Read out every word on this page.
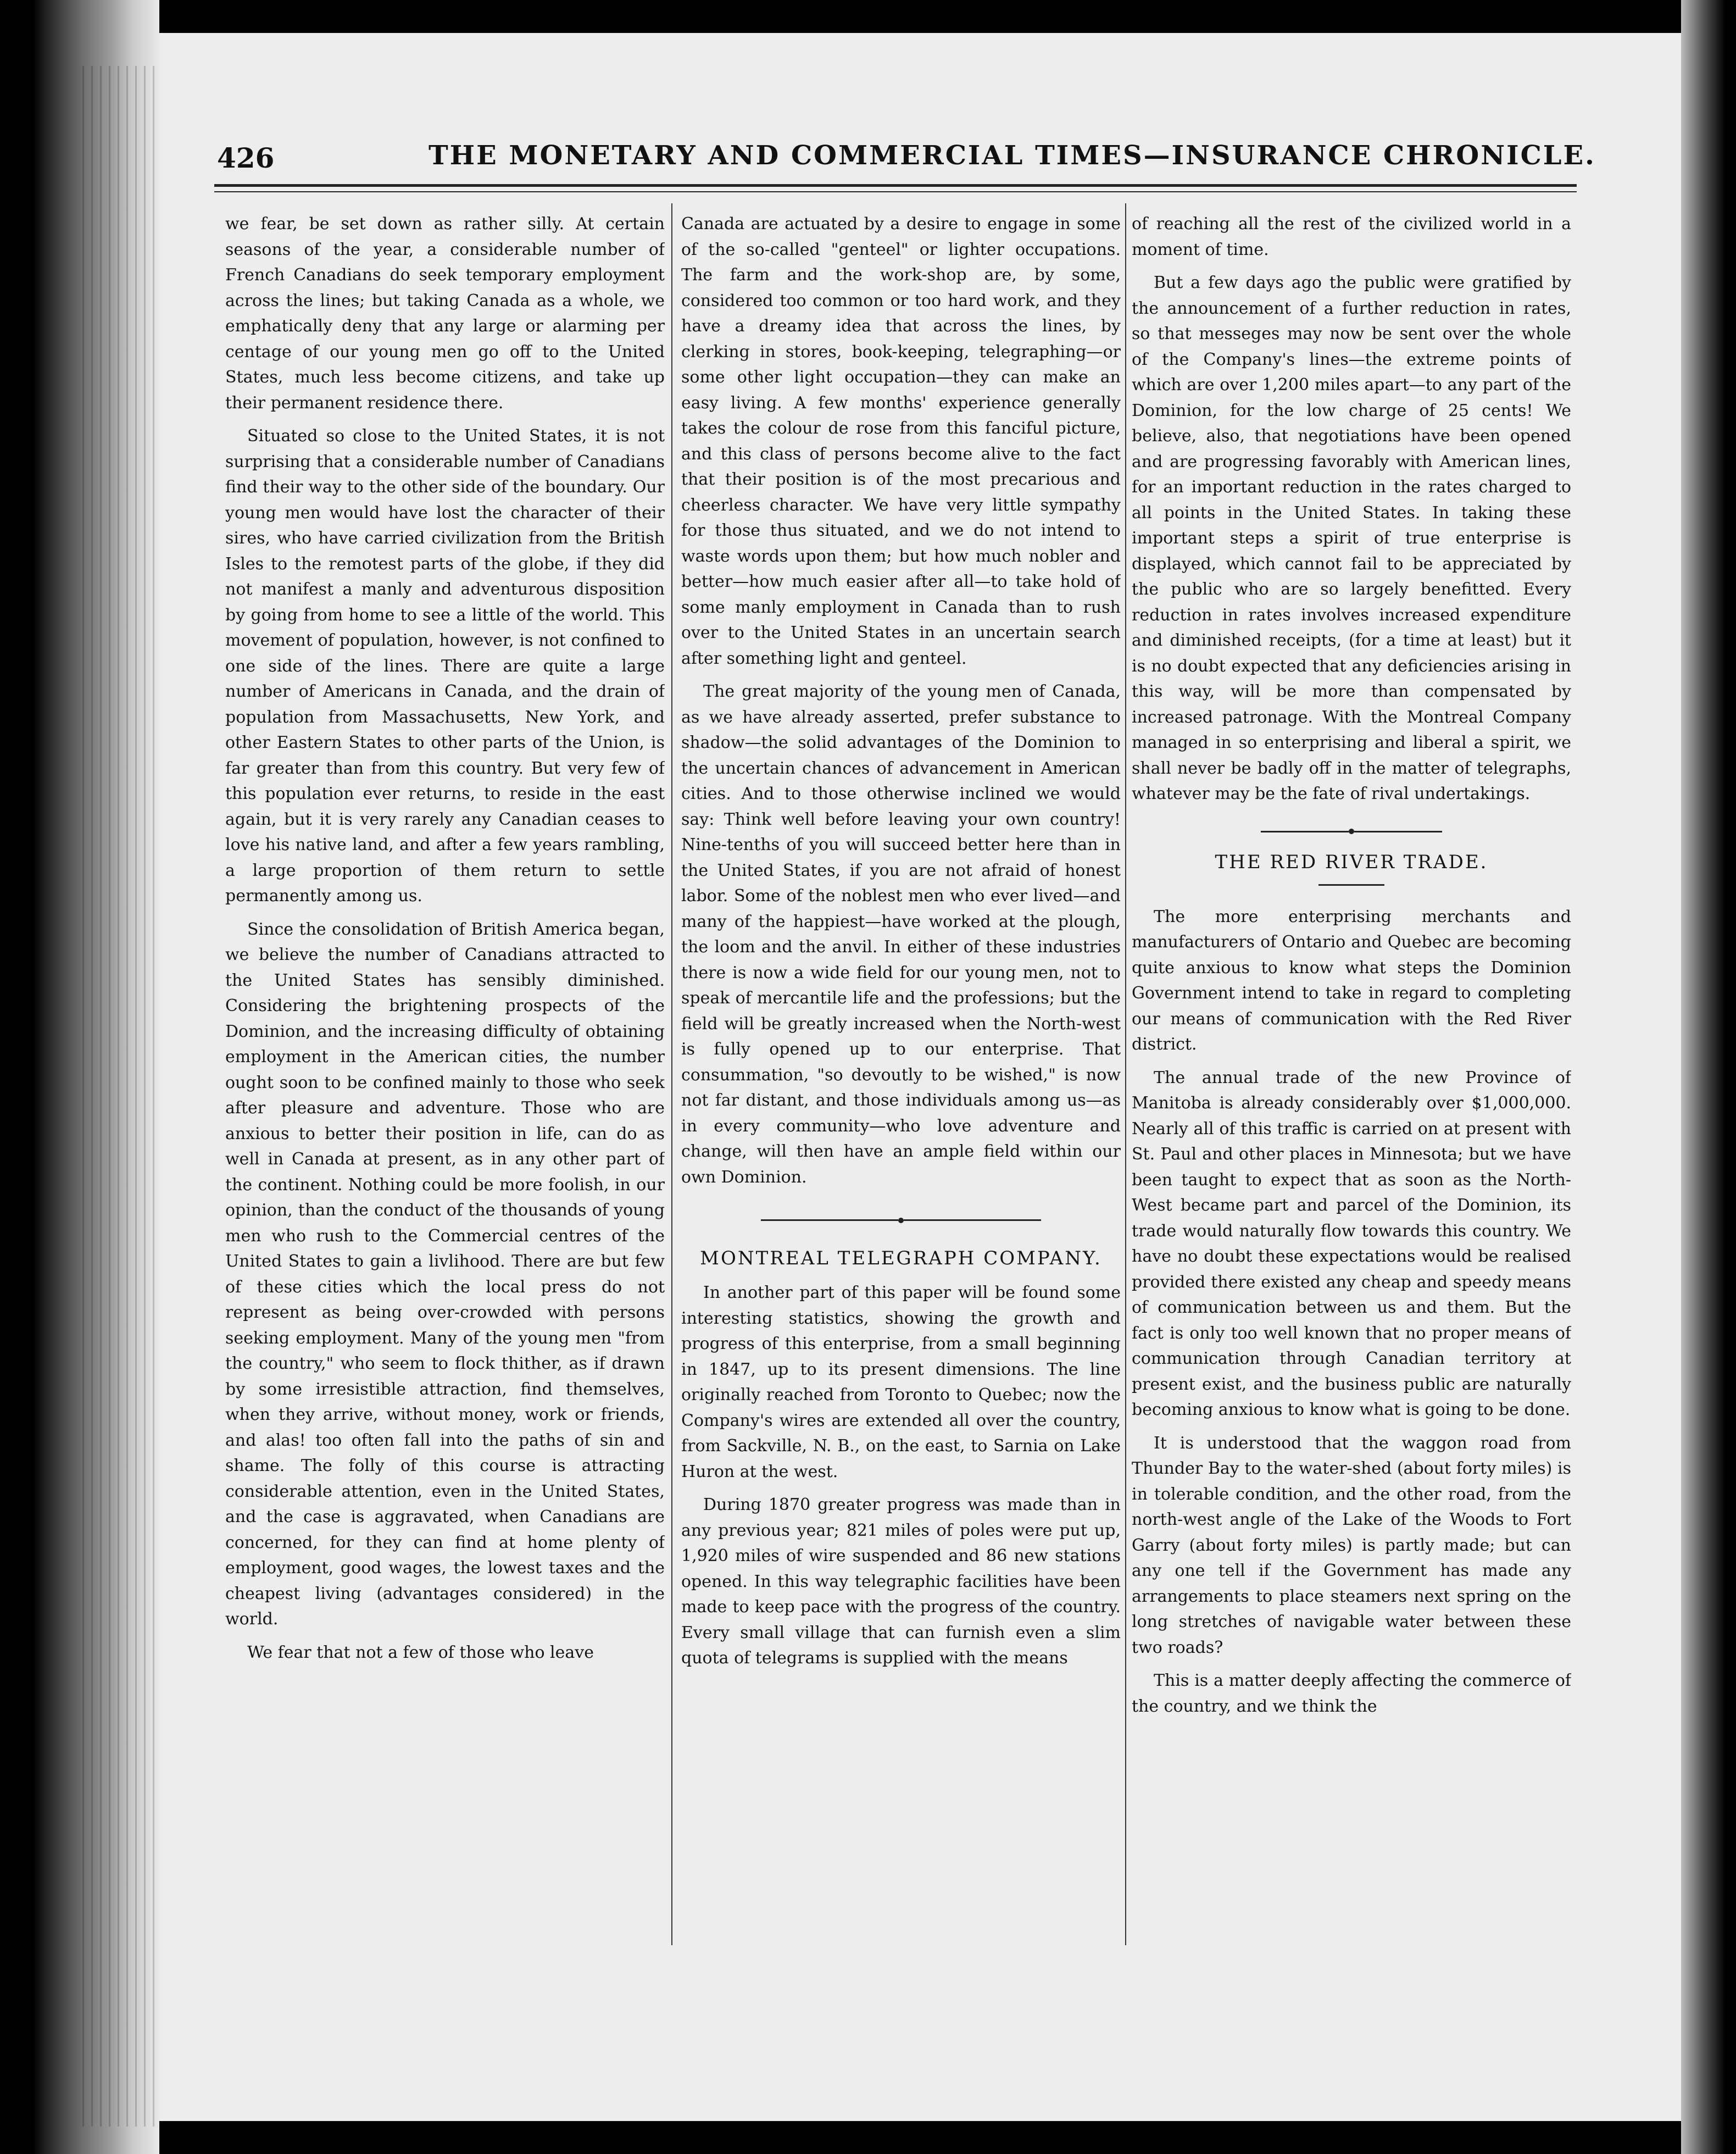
426	THE MONETARY AND COMMERCIAL TIMES—INSURANCE CHRONICLE.

we fear, be set down as rather silly. At certain seasons of the year, a considerable number of French Canadians do seek temporary employment across the lines; but taking Canada as a whole, we emphatically deny that any large or alarming per centage of our young men go off to the United States, much less become citizens, and take up their permanent residence there.

Situated so close to the United States, it is not surprising that a considerable number of Canadians find their way to the other side of the boundary. Our young men would have lost the character of their sires, who have carried civilization from the British Isles to the remotest parts of the globe, if they did not manifest a manly and adventurous disposition by going from home to see a little of the world. This movement of population, however, is not confined to one side of the lines. There are quite a large number of Americans in Canada, and the drain of population from Massachusetts, New York, and other Eastern States to other parts of the Union, is far greater than from this country. But very few of this population ever returns, to reside in the east again, but it is very rarely any Canadian ceases to love his native land, and after a few years rambling, a large proportion of them return to settle permanently among us.

Since the consolidation of British America began, we believe the number of Canadians attracted to the United States has sensibly diminished. Considering the brightening prospects of the Dominion, and the increasing difficulty of obtaining employment in the American cities, the number ought soon to be confined mainly to those who seek after pleasure and adventure. Those who are anxious to better their position in life, can do as well in Canada at present, as in any other part of the continent. Nothing could be more foolish, in our opinion, than the conduct of the thousands of young men who rush to the Commercial centres of the United States to gain a livlihood. There are but few of these cities which the local press do not represent as being over-crowded with persons seeking employment. Many of the young men "from the country," who seem to flock thither, as if drawn by some irresistible attraction, find themselves, when they arrive, without money, work or friends, and alas! too often fall into the paths of sin and shame. The folly of this course is attracting considerable attention, even in the United States, and the case is aggravated, when Canadians are concerned, for they can find at home plenty of employment, good wages, the lowest taxes and the cheapest living (advantages considered) in the world.

We fear that not a few of those who leave

Canada are actuated by a desire to engage in some of the so-called "genteel" or lighter occupations. The farm and the work-shop are, by some, considered too common or too hard work, and they have a dreamy idea that across the lines, by clerking in stores, book-keeping, telegraphing—or some other light occupation—they can make an easy living. A few months' experience generally takes the colour de rose from this fanciful picture, and this class of persons become alive to the fact that their position is of the most precarious and cheerless character. We have very little sympathy for those thus situated, and we do not intend to waste words upon them; but how much nobler and better—how much easier after all—to take hold of some manly employment in Canada than to rush over to the United States in an uncertain search after something light and genteel.

The great majority of the young men of Canada, as we have already asserted, prefer substance to shadow—the solid advantages of the Dominion to the uncertain chances of advancement in American cities. And to those otherwise inclined we would say: Think well before leaving your own country! Nine-tenths of you will succeed better here than in the United States, if you are not afraid of honest labor. Some of the noblest men who ever lived—and many of the happiest—have worked at the plough, the loom and the anvil. In either of these industries there is now a wide field for our young men, not to speak of mercantile life and the professions; but the field will be greatly increased when the North-west is fully opened up to our enterprise. That consummation, "so devoutly to be wished," is now not far distant, and those individuals among us—as in every community—who love adventure and change, will then have an ample field within our own Dominion.

MONTREAL TELEGRAPH COMPANY.

In another part of this paper will be found some interesting statistics, showing the growth and progress of this enterprise, from a small beginning in 1847, up to its present dimensions. The line originally reached from Toronto to Quebec; now the Company's wires are extended all over the country, from Sackville, N. B., on the east, to Sarnia on Lake Huron at the west.

During 1870 greater progress was made than in any previous year; 821 miles of poles were put up, 1,920 miles of wire suspended and 86 new stations opened. In this way telegraphic facilities have been made to keep pace with the progress of the country. Every small village that can furnish even a slim quota of telegrams is supplied with the means

of reaching all the rest of the civilized world in a moment of time.

But a few days ago the public were gratified by the announcement of a further reduction in rates, so that messeges may now be sent over the whole of the Company's lines—the extreme points of which are over 1,200 miles apart—to any part of the Dominion, for the low charge of 25 cents! We believe, also, that negotiations have been opened and are progressing favorably with American lines, for an important reduction in the rates charged to all points in the United States. In taking these important steps a spirit of true enterprise is displayed, which cannot fail to be appreciated by the public who are so largely benefitted. Every reduction in rates involves increased expenditure and diminished receipts, (for a time at least) but it is no doubt expected that any deficiencies arising in this way, will be more than compensated by increased patronage. With the Montreal Company managed in so enterprising and liberal a spirit, we shall never be badly off in the matter of telegraphs, whatever may be the fate of rival undertakings.

THE RED RIVER TRADE.

The more enterprising merchants and manufacturers of Ontario and Quebec are becoming quite anxious to know what steps the Dominion Government intend to take in regard to completing our means of communication with the Red River district.

The annual trade of the new Province of Manitoba is already considerably over $1,000,000. Nearly all of this traffic is carried on at present with St. Paul and other places in Minnesota; but we have been taught to expect that as soon as the North-West became part and parcel of the Dominion, its trade would naturally flow towards this country. We have no doubt these expectations would be realised provided there existed any cheap and speedy means of communication between us and them. But the fact is only too well known that no proper means of communication through Canadian territory at present exist, and the business public are naturally becoming anxious to know what is going to be done.

It is understood that the waggon road from Thunder Bay to the water-shed (about forty miles) is in tolerable condition, and the other road, from the north-west angle of the Lake of the Woods to Fort Garry (about forty miles) is partly made; but can any one tell if the Government has made any arrangements to place steamers next spring on the long stretches of navigable water between these two roads?

This is a matter deeply affecting the commerce of the country, and we think the
